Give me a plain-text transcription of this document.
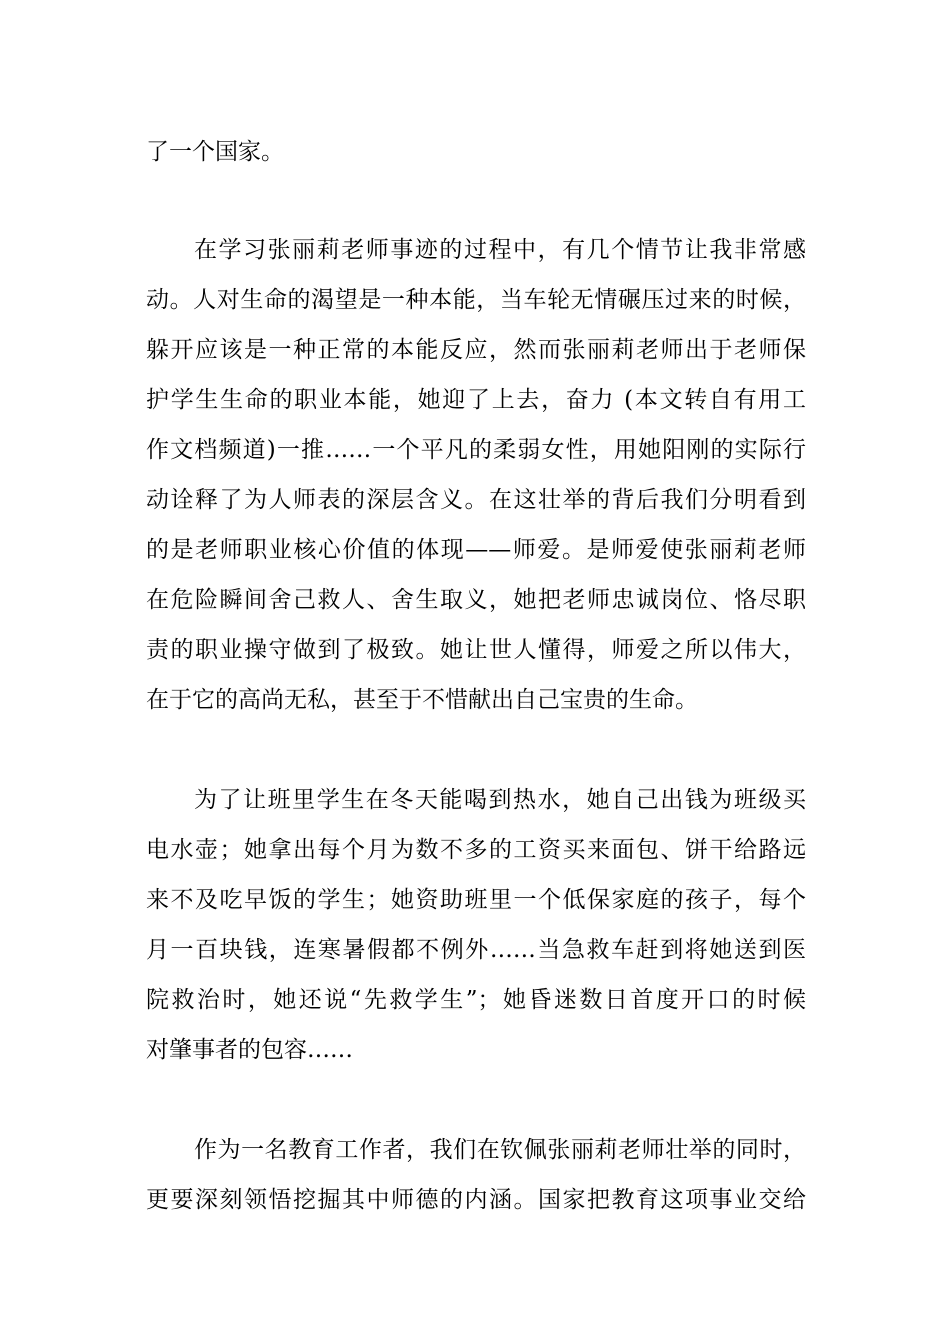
了一个国家。
在学习张丽莉老师事迹的过程中，有几个情节让我非常感
动。人对生命的渴望是一种本能，当车轮无情碾压过来的时候，
躲开应该是一种正常的本能反应，然而张丽莉老师出于老师保
护学生生命的职业本能，她迎了上去，奋力 (本文转自有用工
作文档频道)一推……一个平凡的柔弱女性，用她阳刚的实际行
动诠释了为人师表的深层含义。在这壮举的背后我们分明看到
的是老师职业核心价值的体现——师爱。是师爱使张丽莉老师
在危险瞬间舍己救人、舍生取义，她把老师忠诚岗位、恪尽职
责的职业操守做到了极致。她让世人懂得，师爱之所以伟大，
在于它的高尚无私，甚至于不惜献出自己宝贵的生命。
为了让班里学生在冬天能喝到热水，她自己出钱为班级买
电水壶；她拿出每个月为数不多的工资买来面包、饼干给路远
来不及吃早饭的学生；她资助班里一个低保家庭的孩子，每个
月一百块钱，连寒暑假都不例外……当急救车赶到将她送到医
院救治时，她还说“先救学生”；她昏迷数日首度开口的时候
对肇事者的包容……
作为一名教育工作者，我们在钦佩张丽莉老师壮举的同时，
更要深刻领悟挖掘其中师德的内涵。国家把教育这项事业交给
